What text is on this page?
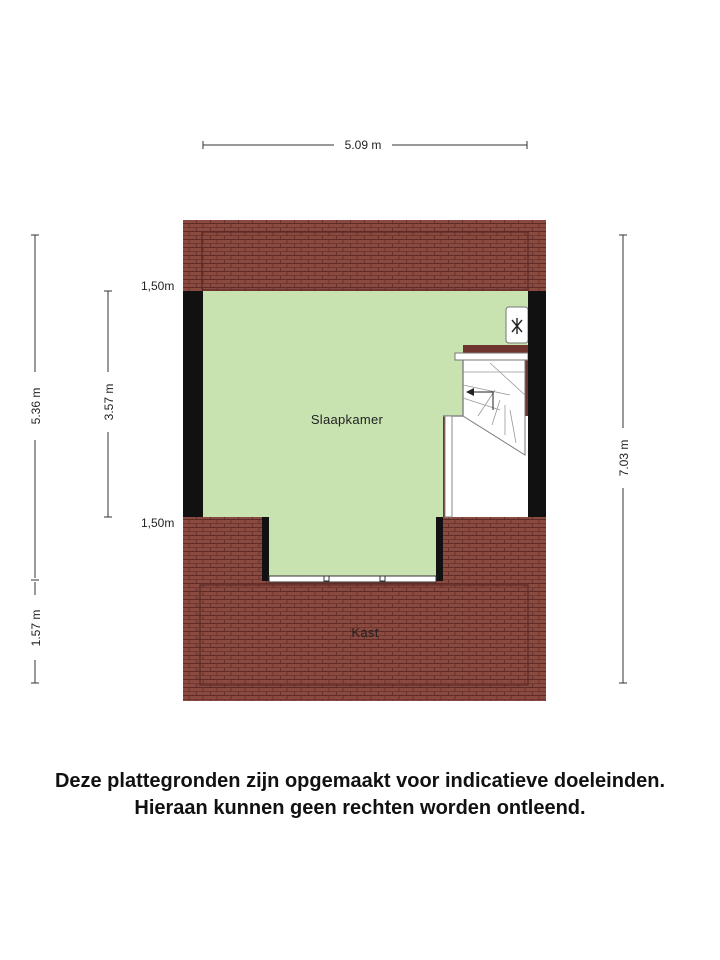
Slaapkamer
Kast
1,50m
1,50m
5.09 m
5.36 m
1.57 m
3.57 m
7.03 m
Deze plattegronden zijn opgemaakt voor indicatieve doeleinden.
Hieraan kunnen geen rechten worden ontleend.
